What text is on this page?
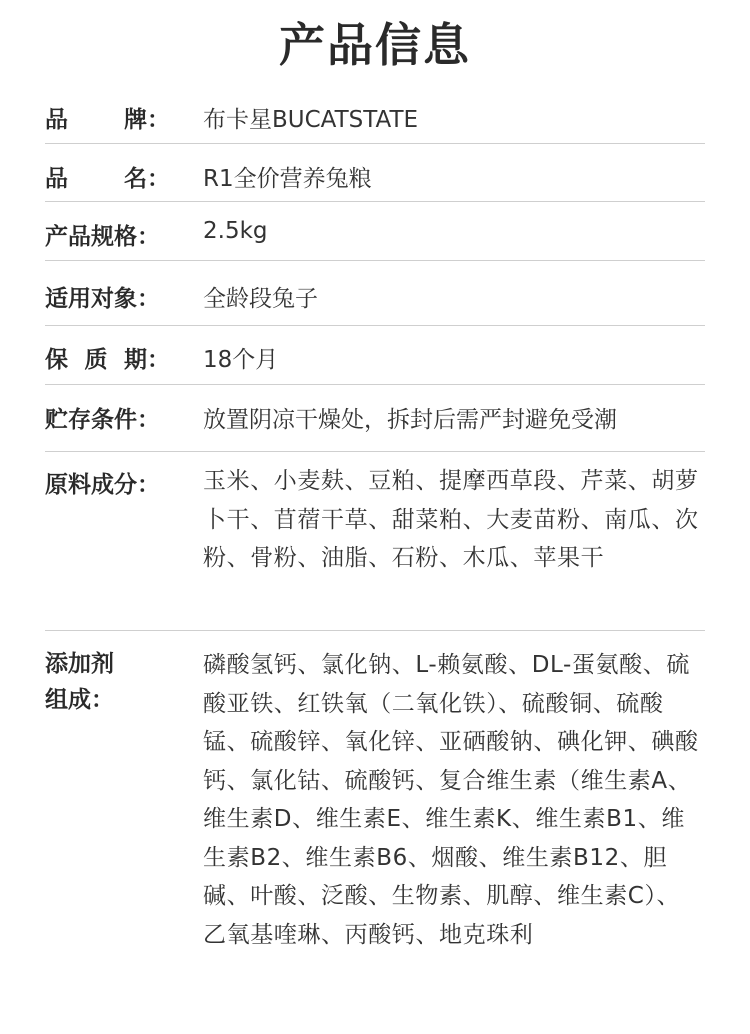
产品信息
品 牌： 布卡星BUCATSTATE
品 名： R1全价营养兔粮
产品规格：	2.5kg
适用对象：	全龄段兔子
保 质 期： 18个月
贮存条件：	放置阴凉干燥处，拆封后需严封避免受潮
原料成分：	玉米、小麦麸、豆粕、提摩西草段、芹菜、胡萝卜干、苜蓿干草、甜菜粕、大麦苗粉、南瓜、次粉、骨粉、油脂、石粉、木瓜、苹果干
添加剂
组成：
磷酸氢钙、氯化钠、L-赖氨酸、DL-蛋氨酸、硫酸亚铁、红铁氧（二氧化铁）、硫酸铜、硫酸锰、硫酸锌、氧化锌、亚硒酸钠、碘化钾、碘酸钙、氯化钴、硫酸钙、复合维生素（维生素A、维生素D、维生素E、维生素K、维生素B1、维生素B2、维生素B6、烟酸、维生素B12、胆碱、叶酸、泛酸、生物素、肌醇、维生素C）、乙氧基喹琳、丙酸钙、地克珠利
